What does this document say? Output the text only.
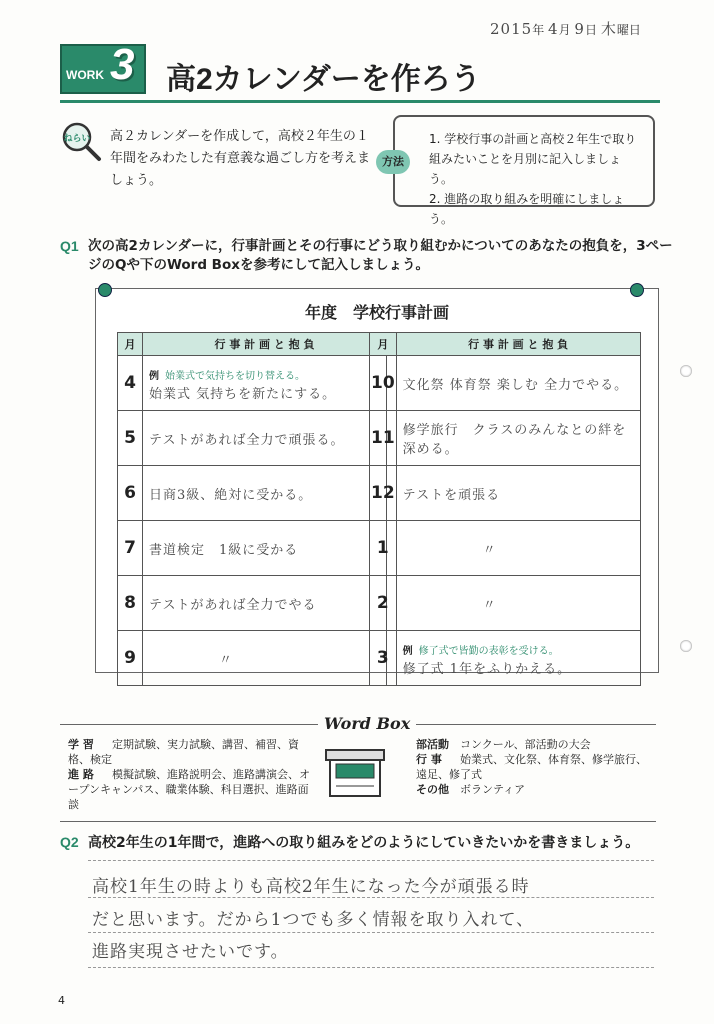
2015年 4月 9日 木曜日
WORK 3 高2カレンダーを作ろう
ねらい 高２カレンダーを作成して，高校２年生の１年間をみわたした有意義な過ごし方を考えましょう。
1. 学校行事の計画と高校２年生で取り組みたいことを月別に記入しましょう。
2. 進路の取り組みを明確にしましょう。
方法
Q1 次の高2カレンダーに，行事計画とその行事にどう取り組むかについてのあなたの抱負を，3ページのQや下のWord Boxを参考にして記入しましょう。
年度　学校行事計画
月	行 事 計 画 と 抱 負
4	例 始業式で気持ちを切り替える。
始業式 気持ちを新たにする。

5	テストがあれば全力で頑張る。

6	日商3級、絶対に受かる。

7	書道検定　1級に受かる

8	テストがあれば全力でやる

9	〃
月	行 事 計 画 と 抱 負
10	文化祭 体育祭 楽しむ 全力でやる。

11	修学旅行　クラスのみんなとの絆を深める。

12	テストを頑張る

1	〃

2	〃

3	例 修了式で皆勤の表彰を受ける。
修了式 1年をふりかえる。
学 習 定期試験、実力試験、講習、補習、資格、検定
進 路 模擬試験、進路説明会、進路講演会、オープンキャンパス、職業体験、科目選択、進路面談
部活動 コンクール、部活動の大会
行 事 始業式、文化祭、体育祭、修学旅行、遠足、修了式
その他 ボランティア
Word Box
Q2 高校2年生の1年間で，進路への取り組みをどのようにしていきたいかを書きましょう。
高校1年生の時よりも高校2年生になった今が頑張る時
だと思います。だから1つでも多く情報を取り入れて、
進路実現させたいです。
4
